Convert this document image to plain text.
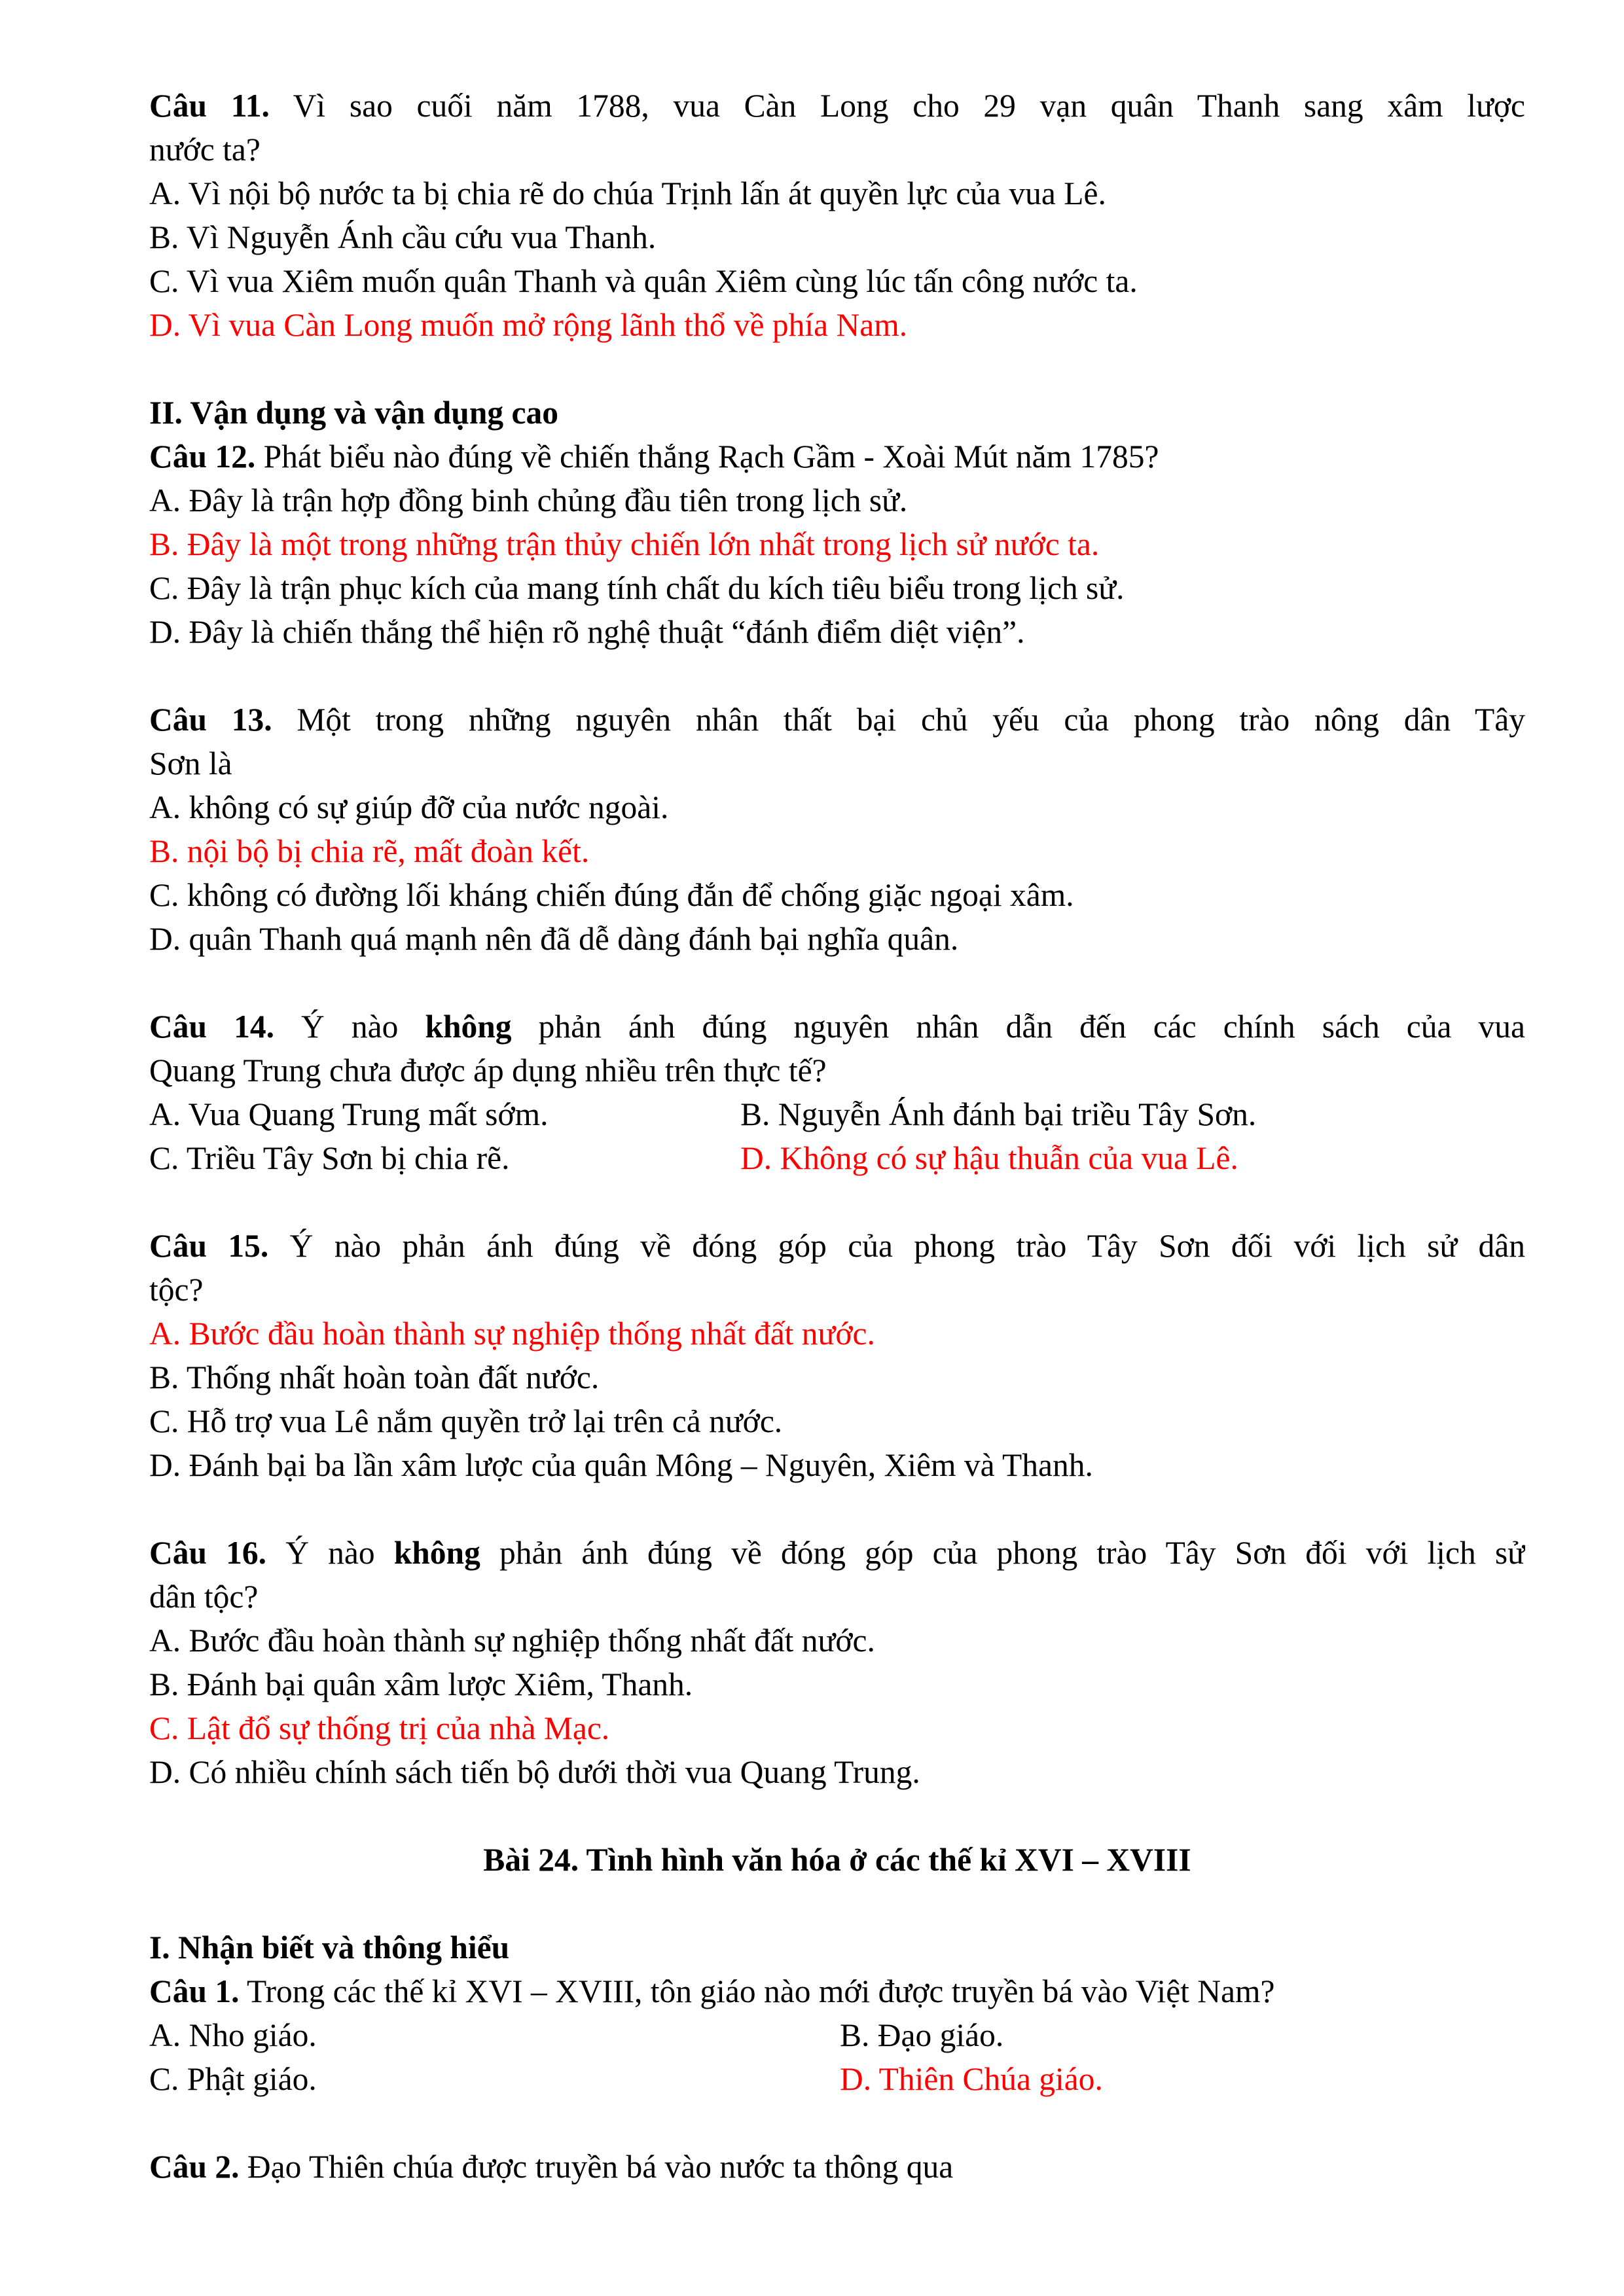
Câu 11. Vì sao cuối năm 1788, vua Càn Long cho 29 vạn quân Thanh sang xâm lược
nước ta?
A. Vì nội bộ nước ta bị chia rẽ do chúa Trịnh lấn át quyền lực của vua Lê.
B. Vì Nguyễn Ánh cầu cứu vua Thanh.
C. Vì vua Xiêm muốn quân Thanh và quân Xiêm cùng lúc tấn công nước ta.
D. Vì vua Càn Long muốn mở rộng lãnh thổ về phía Nam.
II. Vận dụng và vận dụng cao
Câu 12. Phát biểu nào đúng về chiến thắng Rạch Gầm - Xoài Mút năm 1785?
A. Đây là trận hợp đồng binh chủng đầu tiên trong lịch sử.
B. Đây là một trong những trận thủy chiến lớn nhất trong lịch sử nước ta.
C. Đây là trận phục kích của mang tính chất du kích tiêu biểu trong lịch sử.
D. Đây là chiến thắng thể hiện rõ nghệ thuật “đánh điểm diệt viện”.
Câu 13. Một trong những nguyên nhân thất bại chủ yếu của phong trào nông dân Tây
Sơn là
A. không có sự giúp đỡ của nước ngoài.
B. nội bộ bị chia rẽ, mất đoàn kết.
C. không có đường lối kháng chiến đúng đắn để chống giặc ngoại xâm.
D. quân Thanh quá mạnh nên đã dễ dàng đánh bại nghĩa quân.
Câu 14. Ý nào không phản ánh đúng nguyên nhân dẫn đến các chính sách của vua
Quang Trung chưa được áp dụng nhiều trên thực tế?
A. Vua Quang Trung mất sớm.	B. Nguyễn Ánh đánh bại triều Tây Sơn.
C. Triều Tây Sơn bị chia rẽ.	D. Không có sự hậu thuẫn của vua Lê.
Câu 15. Ý nào phản ánh đúng về đóng góp của phong trào Tây Sơn đối với lịch sử dân
tộc?
A. Bước đầu hoàn thành sự nghiệp thống nhất đất nước.
B. Thống nhất hoàn toàn đất nước.
C. Hỗ trợ vua Lê nắm quyền trở lại trên cả nước.
D. Đánh bại ba lần xâm lược của quân Mông – Nguyên, Xiêm và Thanh.
Câu 16. Ý nào không phản ánh đúng về đóng góp của phong trào Tây Sơn đối với lịch sử
dân tộc?
A. Bước đầu hoàn thành sự nghiệp thống nhất đất nước.
B. Đánh bại quân xâm lược Xiêm, Thanh.
C. Lật đổ sự thống trị của nhà Mạc.
D. Có nhiều chính sách tiến bộ dưới thời vua Quang Trung.
Bài 24. Tình hình văn hóa ở các thế kỉ XVI – XVIII
I. Nhận biết và thông hiểu
Câu 1. Trong các thế kỉ XVI – XVIII, tôn giáo nào mới được truyền bá vào Việt Nam?
A. Nho giáo.	B. Đạo giáo.
C. Phật giáo.	D. Thiên Chúa giáo.
Câu 2. Đạo Thiên chúa được truyền bá vào nước ta thông qua
